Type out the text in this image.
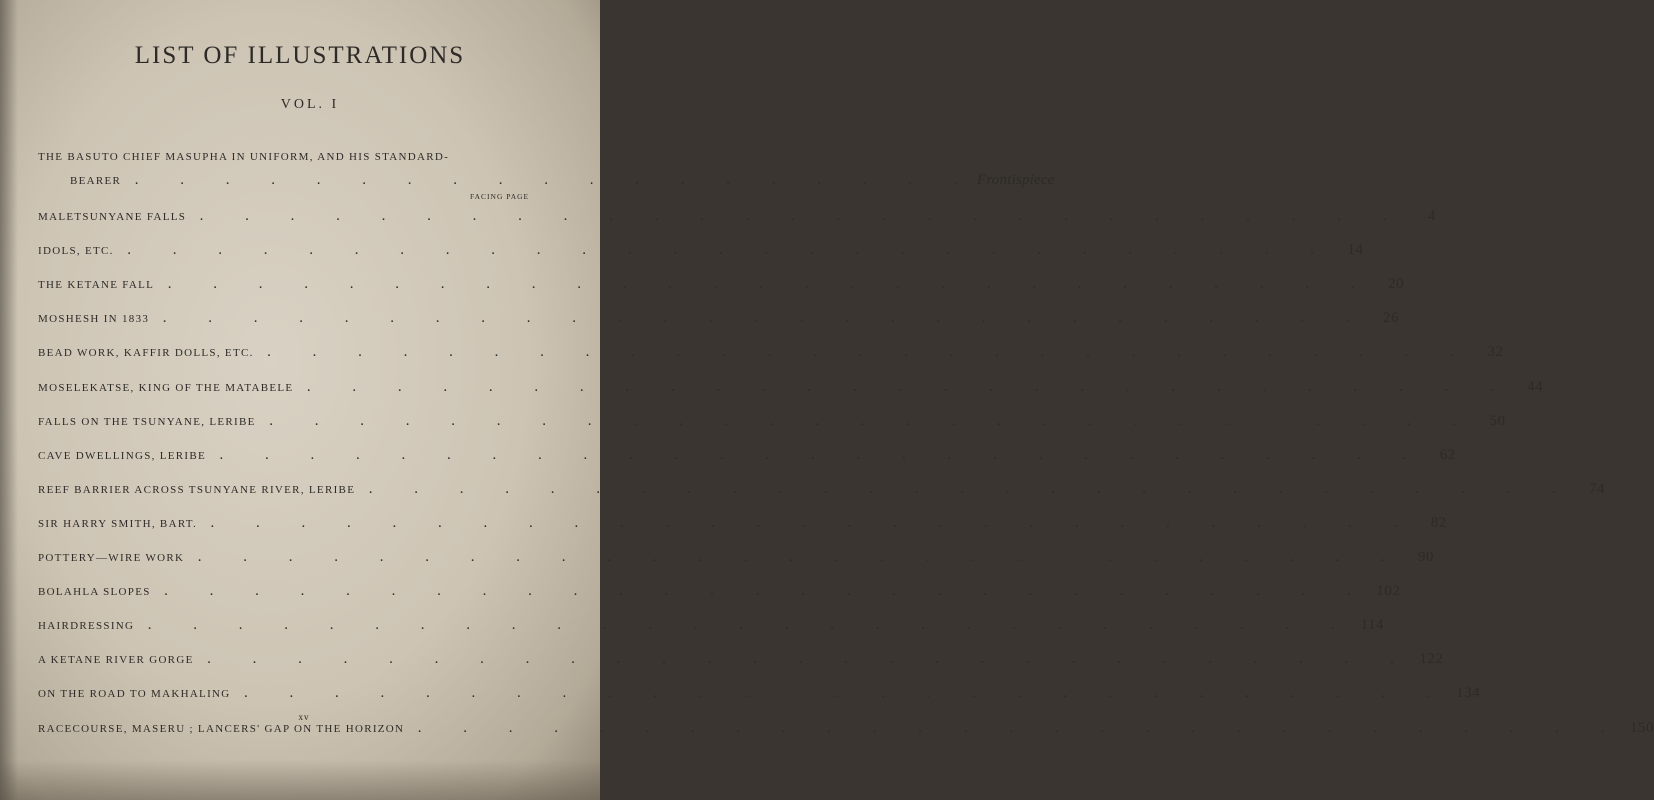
LIST OF ILLUSTRATIONS
VOL. I
THE BASUTO CHIEF MASUPHA IN UNIFORM, AND HIS STANDARD-
BEARER	. . . . . . . . . . . . . . . . . . . Frontispiece
FACING PAGE
MALETSUNYANE FALLS	. . . . . . . . . . . . . . . . . . . . . . . . . . .	4
IDOLS, ETC.	. . . . . . . . . . . . . . . . . . . . . . . . . . . 14
THE KETANE FALL	. . . . . . . . . . . . . . . . . . . . . . . . . . . 20
MOSHESH IN 1833	. . . . . . . . . . . . . . . . . . . . . . . . . . . 26
BEAD WORK, KAFFIR DOLLS, ETC.	. . . . . . . . . . . . . . . . . . . . . . . . . . . 32
MOSELEKATSE, KING OF THE MATABELE	. . . . . . . . . . . . . . . . . . . . . . . . . . . 44
FALLS ON THE TSUNYANE, LERIBE	. . . . . . . . . . . . . . . . . . . . . . . . . . . 50
CAVE DWELLINGS, LERIBE	. . . . . . . . . . . . . . . . . . . . . . . . . . . 62
REEF BARRIER ACROSS TSUNYANE RIVER, LERIBE	. . . . . . . . . . . . . . . . . . . . . . . . . . . 74
SIR HARRY SMITH, BART.	. . . . . . . . . . . . . . . . . . . . . . . . . . . 82
POTTERY—WIRE WORK	. . . . . . . . . . . . . . . . . . . . . . . . . . . 90
BOLAHLA SLOPES	. . . . . . . . . . . . . . . . . . . . . . . . . . . 102
HAIRDRESSING	. . . . . . . . . . . . . . . . . . . . . . . . . . . 114
A KETANE RIVER GORGE	. . . . . . . . . . . . . . . . . . . . . . . . . . . 122
ON THE ROAD TO MAKHALING	. . . . . . . . . . . . . . . . . . . . . . . . . . . 134
RACECOURSE, MASERU ; LANCERS' GAP ON THE HORIZON	. . . . . . . . . . . . . . . . . . . . . . . . . . . 150
xv
